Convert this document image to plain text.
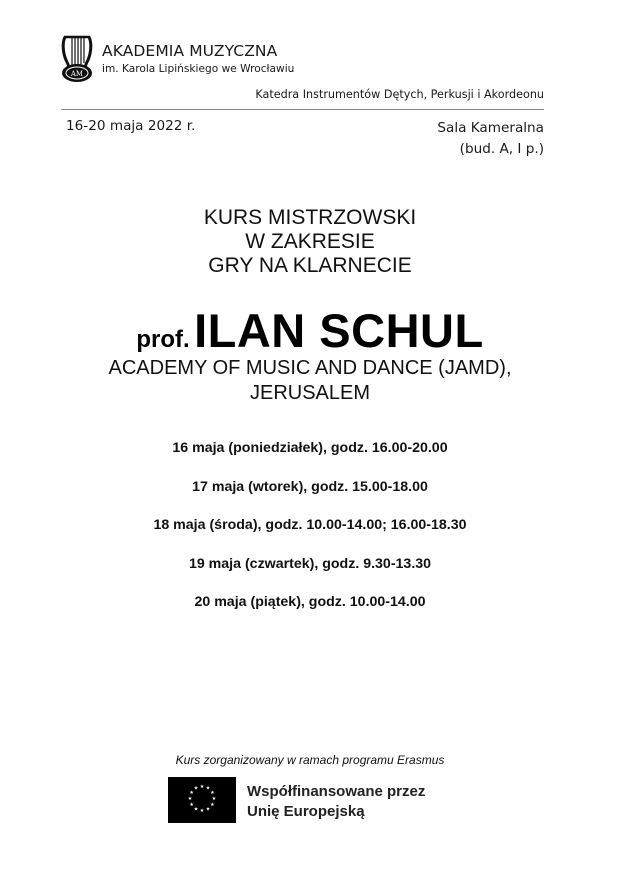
AM
AKADEMIA MUZYCZNA
im. Karola Lipińskiego we Wrocławiu
Katedra Instrumentów Dętych, Perkusji i Akordeonu
16-20 maja 2022 r.	Sala Kameralna
(bud. A, I p.)
KURS MISTRZOWSKI
W ZAKRESIE
GRY NA KLARNECIE
prof. ILAN SCHUL
ACADEMY OF MUSIC AND DANCE (JAMD),
JERUSALEM
16 maja (poniedziałek), godz. 16.00-20.00
17 maja (wtorek), godz. 15.00-18.00
18 maja (środa), godz. 10.00-14.00; 16.00-18.30
19 maja (czwartek), godz. 9.30-13.30
20 maja (piątek), godz. 10.00-14.00
Kurs zorganizowany w ramach programu Erasmus
★ ★
★
★
★
★
★
★
★
★
★
★	Współfinansowane przez
Unię Europejską
